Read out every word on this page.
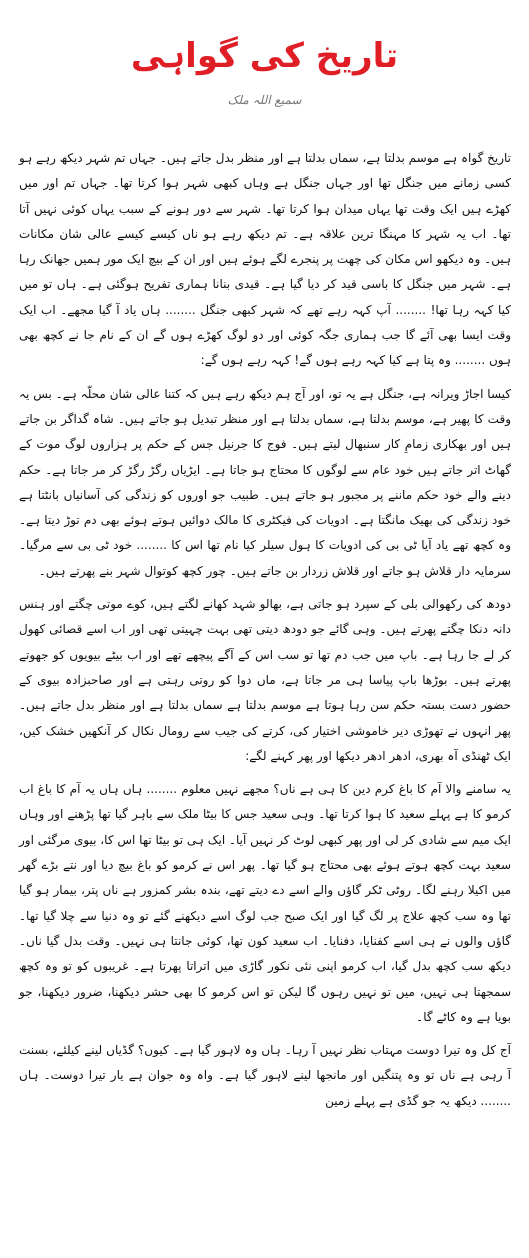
تاریخ کی گواہی
سمیع اللہ ملک

تاریخ گواہ ہے موسم بدلتا ہے، سماں بدلتا ہے اور منظر بدل جاتے ہیں۔ جہاں تم شہر دیکھ رہے ہو کسی زمانے میں جنگل تھا اور جہاں جنگل ہے وہاں کبھی شہر ہوا کرتا تھا۔ جہاں تم اور میں کھڑے ہیں ایک وقت تھا یہاں میدان ہوا کرتا تھا۔ شہر سے دور ہونے کے سبب یہاں کوئی نہیں آتا تھا۔ اب یہ شہر کا مہنگا ترین علاقہ ہے۔ تم دیکھ رہے ہو ناں کیسے کیسے عالی شان مکانات ہیں۔ وہ دیکھو اس مکان کی چھت پر پنجرے لگے ہوئے ہیں اور ان کے بیچ ایک مور ہمیں جھانک رہا ہے۔ شہر میں جنگل کا باسی قید کر دیا گیا ہے۔ قیدی بنانا ہماری تفریح ہوگئی ہے۔ ہاں تو میں کیا کہہ رہا تھا! ........ آپ کہہ رہے تھے کہ شہر کبھی جنگل ........ ہاں یاد آ گیا مجھے۔ اب ایک وقت ایسا بھی آئے گا جب ہماری جگہ کوئی اور دو لوگ کھڑے ہوں گے ان کے نام جا نے کچھ بھی ہوں ........ وہ پتا ہے کیا کہہ رہے ہوں گے! کہہ رہے ہوں گے:

کیسا اجاڑ ویرانہ ہے، جنگل ہے یہ تو، اور آج ہم دیکھ رہے ہیں کہ کتنا عالی شان محلّہ ہے۔ بس یہ وقت کا پھیر ہے، موسم بدلتا ہے، سماں بدلتا ہے اور منظر تبدیل ہو جاتے ہیں۔ شاہ گداگر بن جاتے ہیں اور بھکاری زمامِ کار سنبھال لیتے ہیں۔ فوج کا جرنیل جس کے حکم پر ہزاروں لوگ موت کے گھاٹ اتر جاتے ہیں خود عام سے لوگوں کا محتاج ہو جاتا ہے۔ ایڑیاں رگڑ رگڑ کر مر جاتا ہے۔ حکم دینے والے خود حکم ماننے پر مجبور ہو جاتے ہیں۔ طبیب جو اوروں کو زندگی کی آسانیاں بانٹتا ہے خود زندگی کی بھیک مانگتا ہے۔ ادویات کی فیکٹری کا مالک دوائیں ہوتے ہوئے بھی دم توڑ دیتا ہے۔ وہ کچھ تھے یاد آیا ٹی بی کی ادویات کا ہول سیلر کیا نام تھا اس کا ........ خود ٹی بی سے مرگیا۔ سرمایہ دار قلاش ہو جاتے اور قلاش زردار بن جاتے ہیں۔ چور کچھ کوتوال شہر بنے پھرتے ہیں۔

دودھ کی رکھوالی بلی کے سپرد ہو جاتی ہے، بھالو شہد کھانے لگتے ہیں، کوے موتی چگتے اور ہنس دانہ دنکا چگتے پھرتے ہیں۔ وہی گائے جو دودھ دیتی تھی بہت چہیتی تھی اور اب اسے قصائی کھول کر لے جا رہا ہے۔ باپ میں جب دم تھا تو سب اس کے آگے پیچھے تھے اور اب بیٹے بیویوں کو جھوتے پھرتے ہیں۔ بوڑھا باپ پیاسا ہی مر جاتا ہے، ماں دوا کو روتی رہتی ہے اور صاحبزادہ بیوی کے حضور دست بستہ حکم سن رہا ہوتا ہے موسم بدلتا ہے سماں بدلتا ہے اور منظر بدل جاتے ہیں۔ پھر انہوں نے تھوڑی دیر خاموشی اختیار کی، کرتے کی جیب سے رومال نکال کر آنکھیں خشک کیں، ایک ٹھنڈی آہ بھری، ادھر ادھر دیکھا اور پھر کہنے لگے:

یہ سامنے والا آم کا باغ کرم دین کا ہی ہے ناں؟ مجھے نہیں معلوم ........ ہاں ہاں یہ آم کا باغ اب کرمو کا ہے پہلے سعید کا ہوا کرتا تھا۔ وہی سعید جس کا بیٹا ملک سے باہر گیا تھا پڑھنے اور وہاں ایک میم سے شادی کر لی اور پھر کبھی لوٹ کر نہیں آیا۔ ایک ہی تو بیٹا تھا اس کا، بیوی مرگئی اور سعید بہت کچھ ہوتے ہوئے بھی محتاج ہو گیا تھا۔ پھر اس نے کرمو کو باغ بیچ دیا اور نتے بڑے گھر میں اکیلا رہنے لگا۔ روٹی ٹکر گاؤں والے اسے دے دیتے تھے، بندہ بشر کمزور ہے ناں پتر، بیمار ہو گیا تھا وہ سب کچھ علاج پر لگ گیا اور ایک صبح جب لوگ اسے دیکھنے گئے تو وہ دنیا سے چلا گیا تھا۔ گاؤں والوں نے ہی اسے کفنایا، دفنایا۔ اب سعید کون تھا، کوئی جانتا ہی نہیں۔ وقت بدل گیا ناں۔ دیکھ سب کچھ بدل گیا، اب کرمو اپنی نئی نکور گاڑی میں اتراتا پھرتا ہے۔ غریبوں کو تو وہ کچھ سمجھتا ہی نہیں، میں تو نہیں رہوں گا لیکن تو اس کرمو کا بھی حشر دیکھنا، ضرور دیکھنا، جو بویا ہے وہ کاٹے گا۔

آج کل وہ تیرا دوست مہتاب نظر نہیں آ رہا۔ ہاں وہ لاہور گیا ہے۔ کیوں؟ گڈیاں لینے کیلئے، بسنت آ رہی ہے ناں تو وہ پتنگیں اور مانجھا لینے لاہور گیا ہے۔ واہ وہ جوان ہے یار تیرا دوست۔ ہاں ........ دیکھ یہ جو گڈی ہے پہلے زمین
